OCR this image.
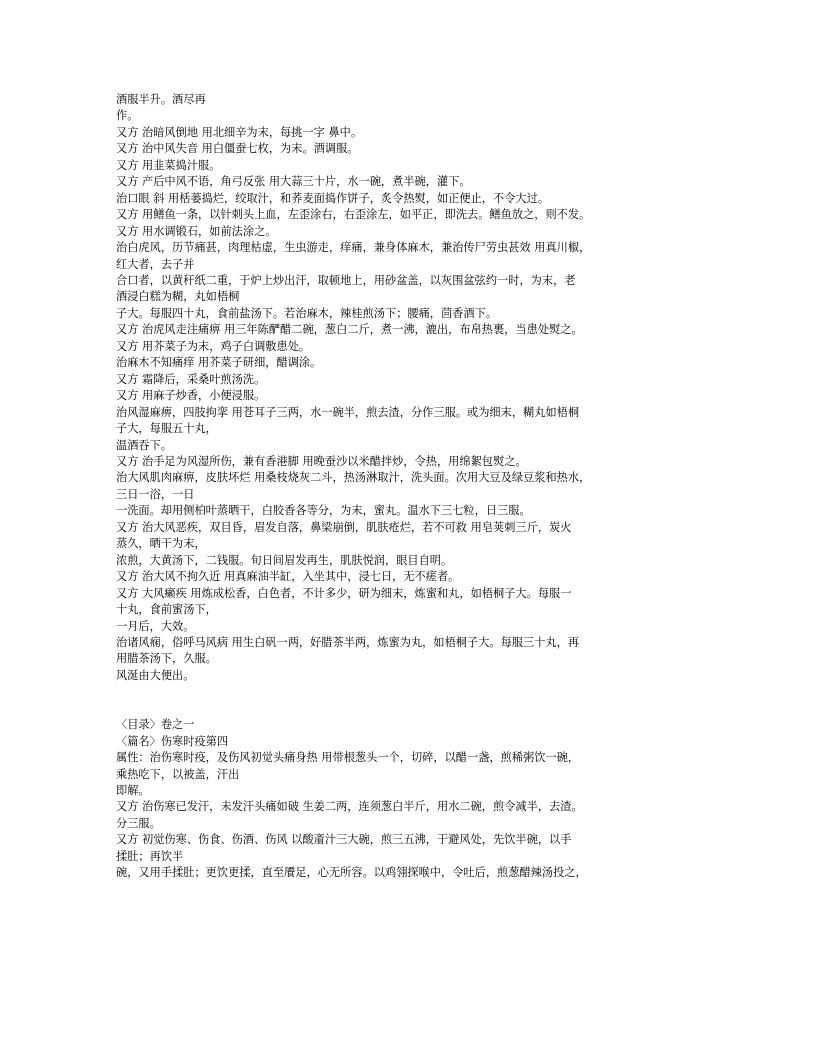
酒服半升。酒尽再
作。
又方 治暗风倒地 用北细辛为末，每挑一字 鼻中。
又方 治中风失音 用白僵蚕七枚，为末。酒调服。
又方 用韭菜捣汁服。
又方 产后中风不语，角弓反张 用大蒜三十片，水一碗，煮半碗，灌下。
治口眼 斜 用栝蒌捣烂，绞取汁，和荞麦面捣作饼子，炙令热熨，如正便止，不令大过。
又方 用鳝鱼一条，以针刺头上血，左歪涂右，右歪涂左，如平正，即洗去。鳝鱼放之，则不发。
又方 用水调锻石，如前法涂之。
治白虎风，历节痛甚，肉理枯虚，生虫游走，痒痛，兼身体麻木，兼治传尸劳虫甚效 用真川椒，
红大者，去子并
合口者，以黄秆纸二重，于炉上炒出汗，取顿地上，用砂盆盖，以灰围盆弦约一时，为末，老
酒浸白糕为糊，丸如梧桐
子大。每服四十丸，食前盐汤下。若治麻木，辣桂煎汤下；腰痛，茴香酒下。
又方 治虎风走注痛痹 用三年陈酽醋二碗，葱白二斤，煮一沸，漉出，布帛热裹，当患处熨之。
又方 用芥菜子为末，鸡子白调敷患处。
治麻木不知痛痒 用芥菜子研细，醋调涂。
又方 霜降后，采桑叶煎汤洗。
又方 用麻子炒香，小便浸服。
治风湿麻痹，四肢拘挛 用苍耳子三两，水一碗半，煎去渣，分作三服。或为细末，糊丸如梧桐
子大，每服五十丸，
温酒吞下。
又方 治手足为风湿所伤，兼有香港脚 用晚蚕沙以米醋拌炒，令热，用绵絮包熨之。
治大风肌肉麻痹，皮肤坏烂 用桑枝烧灰二斗，热汤淋取汁，洗头面。次用大豆及绿豆浆和热水，
三日一浴，一日
一洗面。却用侧柏叶蒸晒干，白胶香各等分，为末，蜜丸。温水下三七粒，日三服。
又方 治大风恶疾，双目昏，眉发自落，鼻梁崩倒，肌肤疮烂，若不可救 用皂荚刺三斤，炭火
蒸久，晒干为末，
浓煎，大黄汤下，二钱服。旬日间眉发再生，肌肤悦润，眼目自明。
又方 治大风不拘久近 用真麻油半缸，入坐其中，浸七日，无不瘥者。
又方 大风癞疾 用炼成松香，白色者，不计多少，研为细末，炼蜜和丸，如梧桐子大。每服一
十丸，食前蜜汤下，
一月后，大效。
治诸风痫，俗呼马风病 用生白矾一两，好腊茶半两，炼蜜为丸，如梧桐子大。每服三十丸，再
用腊茶汤下，久服。
风涎由大便出。
〈目录〉卷之一
〈篇名〉伤寒时疫第四
属性：治伤寒时疫，及伤风初觉头痛身热 用带根葱头一个，切碎，以醋一盏，煎稀粥饮一碗，
乘热吃下，以被盖，汗出
即解。
又方 治伤寒已发汗，未发汗头痛如破 生姜二两，连须葱白半斤，用水二碗，煎令减半，去渣。
分三服。
又方 初觉伤寒、伤食、伤酒、伤风 以酸齑汁三大碗，煎三五沸，于避风处，先饮半碗，以手
揉肚；再饮半
碗，又用手揉肚；更饮更揉，直至餍足，心无所容。以鸡翎探喉中，令吐后，煎葱醋辣汤投之，
